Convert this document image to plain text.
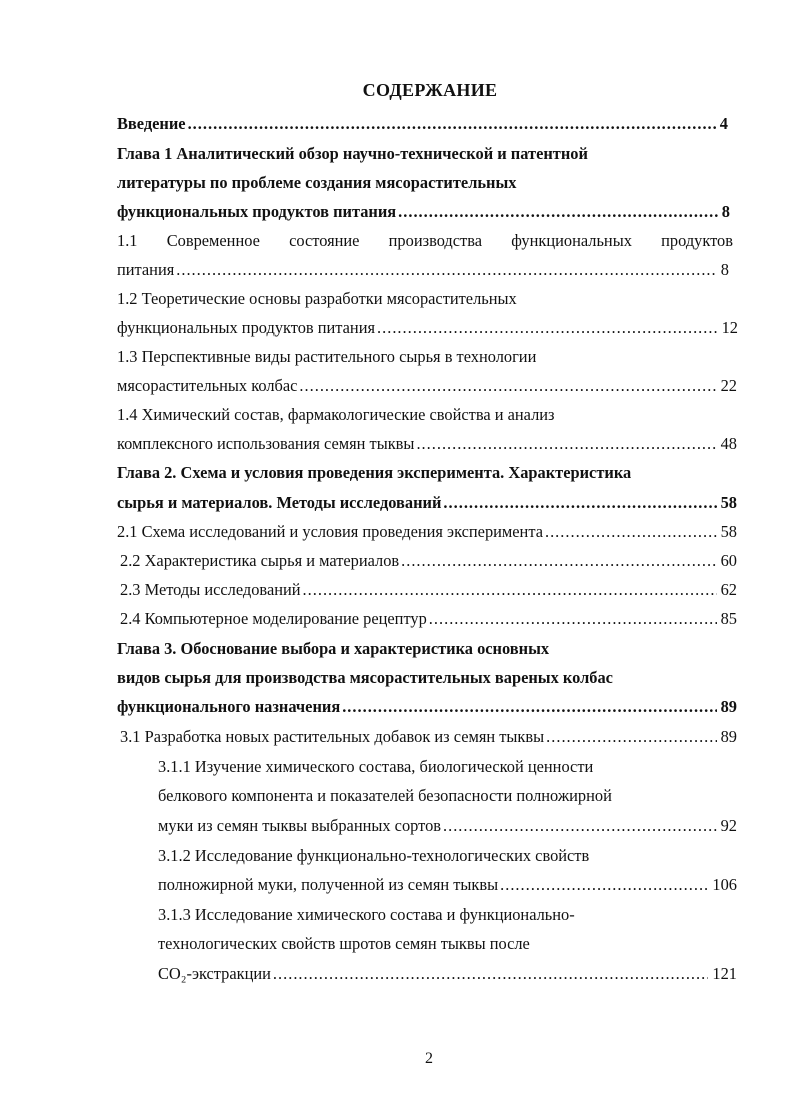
СОДЕРЖАНИЕ
Введение .....	4
Глава 1 Аналитический обзор научно-технической и патентной
литературы по проблеме создания мясорастительных
функциональных продуктов питания .....	8
1.1 Современное состояние производства функциональных продуктов
питания .....	8
1.2 Теоретические основы разработки мясорастительных
функциональных продуктов питания .....	12
1.3 Перспективные виды растительного сырья в технологии
мясорастительных колбас .....	22
1.4 Химический состав, фармакологические свойства и анализ
комплексного использования семян тыквы .....	48
Глава 2. Схема и условия проведения эксперимента. Характеристика
сырья и материалов. Методы исследований .....	58
2.1 Схема исследований и условия проведения эксперимента .....	58
2.2 Характеристика сырья и материалов .....	60
2.3 Методы исследований .....	62
2.4 Компьютерное моделирование рецептур .....	85
Глава 3. Обоснование выбора и характеристика основных
видов сырья для производства мясорастительных вареных колбас
функционального назначения .....	89
3.1 Разработка новых растительных добавок из семян тыквы .....	89
3.1.1 Изучение химического состава, биологической ценности
белкового компонента и показателей безопасности полножирной
муки из семян тыквы выбранных сортов .....	92
3.1.2 Исследование функционально-технологических свойств
полножирной муки, полученной из семян тыквы .....	106
3.1.3 Исследование химического состава и функционально-
технологических свойств шротов семян тыквы после
CO₂-экстракции .....	121
2
